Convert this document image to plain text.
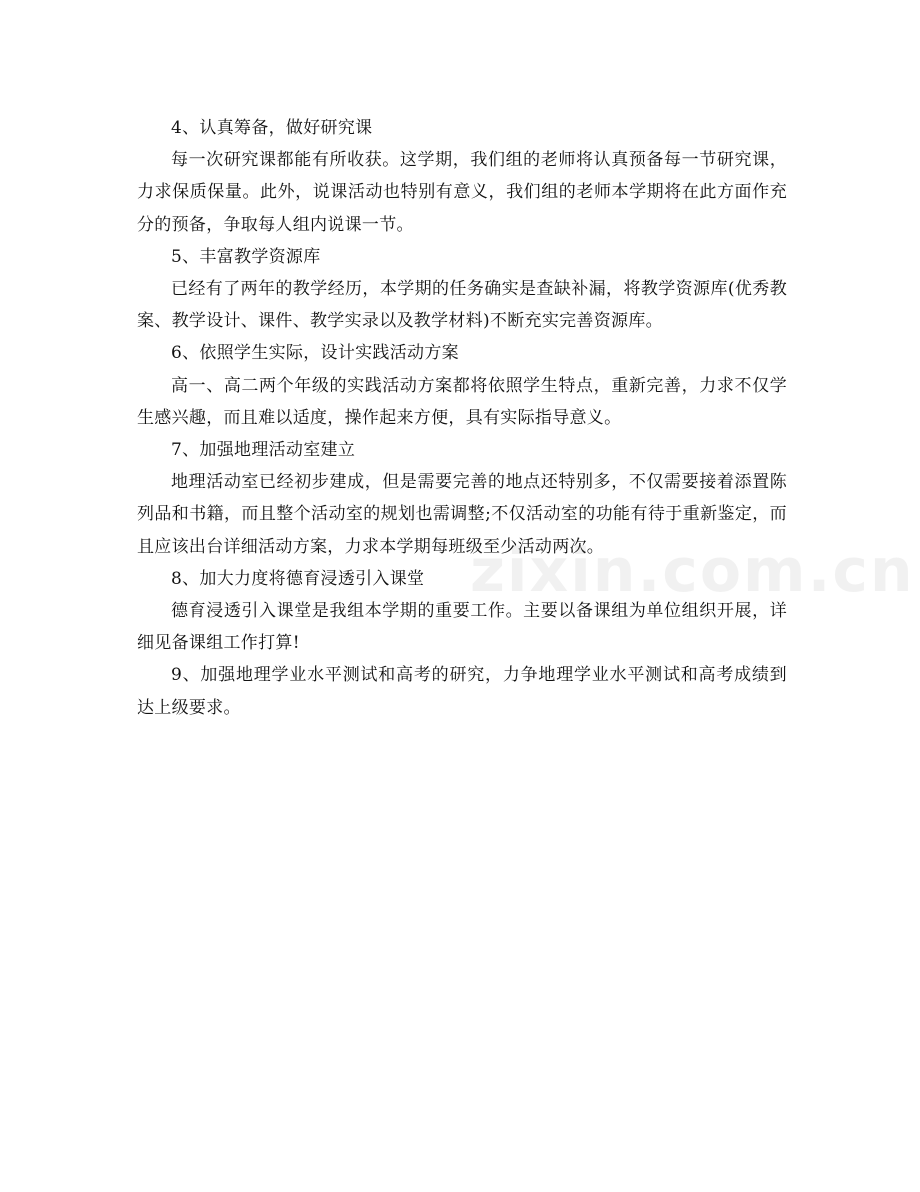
4、认真筹备，做好研究课

每一次研究课都能有所收获。这学期，我们组的老师将认真预备每一节研究课，力求保质保量。此外，说课活动也特别有意义，我们组的老师本学期将在此方面作充分的预备，争取每人组内说课一节。

5、丰富教学资源库

已经有了两年的教学经历，本学期的任务确实是查缺补漏，将教学资源库(优秀教案、教学设计、课件、教学实录以及教学材料)不断充实完善资源库。

6、依照学生实际，设计实践活动方案

高一、高二两个年级的实践活动方案都将依照学生特点，重新完善，力求不仅学生感兴趣，而且难以适度，操作起来方便，具有实际指导意义。

7、加强地理活动室建立

地理活动室已经初步建成，但是需要完善的地点还特别多，不仅需要接着添置陈列品和书籍，而且整个活动室的规划也需调整;不仅活动室的功能有待于重新鉴定，而且应该出台详细活动方案，力求本学期每班级至少活动两次。

8、加大力度将德育浸透引入课堂

德育浸透引入课堂是我组本学期的重要工作。主要以备课组为单位组织开展，详细见备课组工作打算!

9、加强地理学业水平测试和高考的研究，力争地理学业水平测试和高考成绩到达上级要求。

zixin.com.cn
